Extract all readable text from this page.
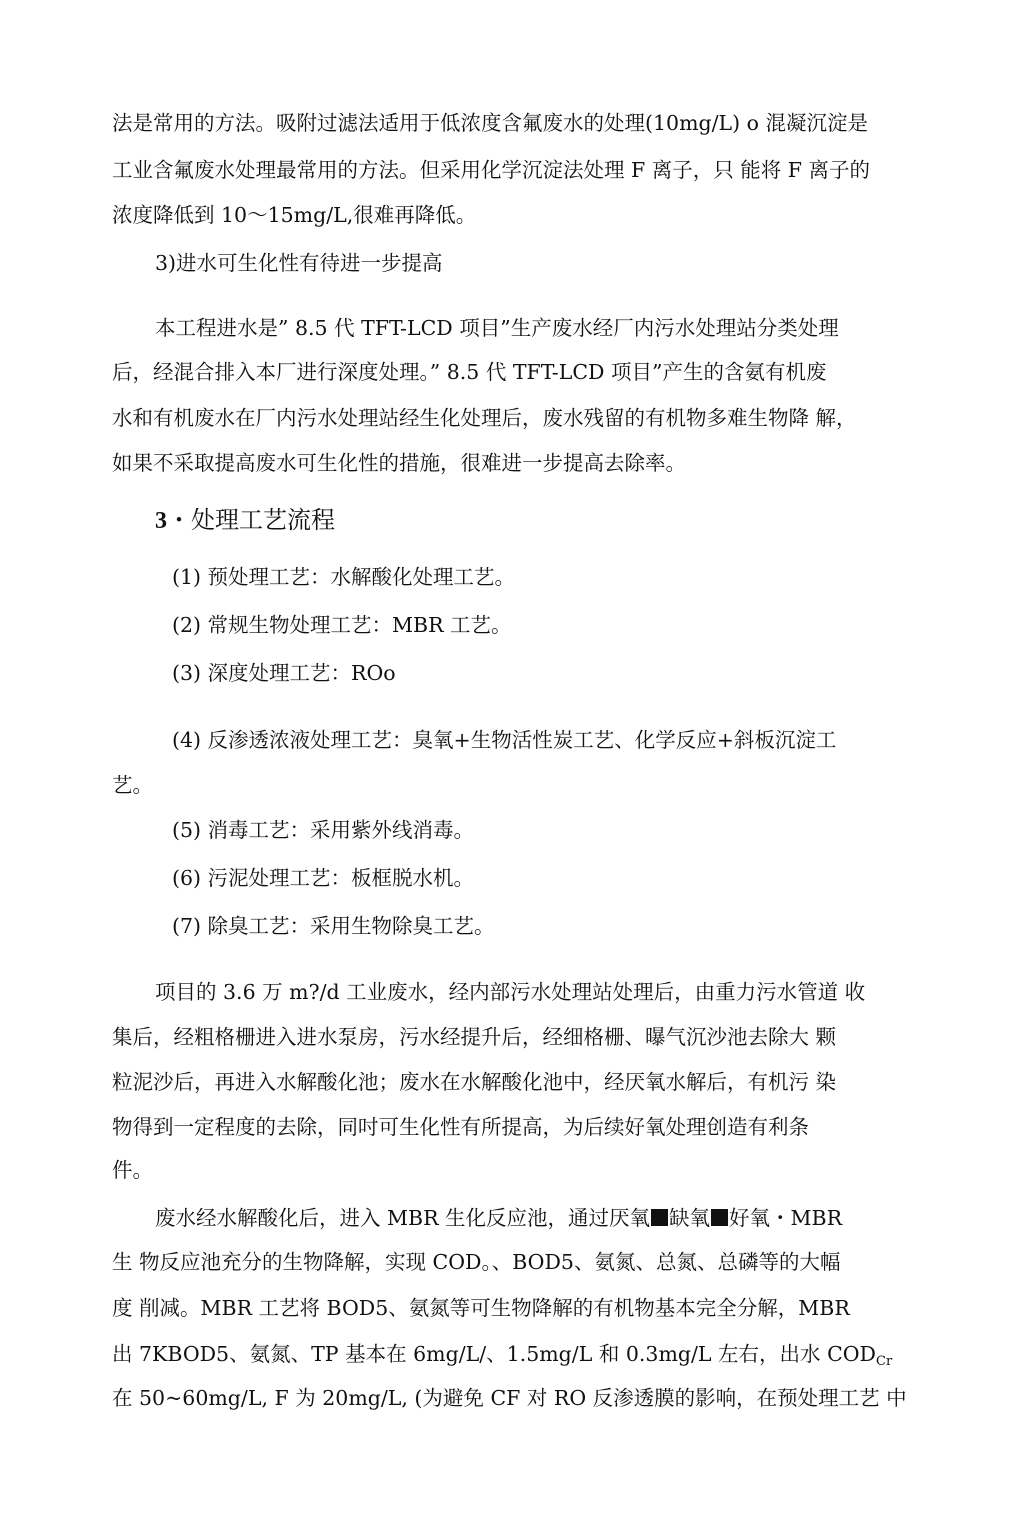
法是常用的方法。吸附过滤法适用于低浓度含氟废水的处理(10mg/L) o 混凝沉淀是

工业含氟废水处理最常用的方法。但采用化学沉淀法处理 F 离子，只 能将 F 离子的

浓度降低到 10～15mg/L,很难再降低。

3)进水可生化性有待进一步提高

本工程进水是” 8.5 代 TFT-LCD 项目”生产废水经厂内污水处理站分类处理

后，经混合排入本厂进行深度处理。” 8.5 代 TFT-LCD 项目”产生的含氨有机废

水和有机废水在厂内污水处理站经生化处理后，废水残留的有机物多难生物降 解，

如果不采取提高废水可生化性的措施，很难进一步提高去除率。

3・处理工艺流程

(1) 预处理工艺：水解酸化处理工艺。

(2) 常规生物处理工艺：MBR 工艺。

(3) 深度处理工艺：ROo

(4) 反渗透浓液处理工艺：臭氧+生物活性炭工艺、化学反应+斜板沉淀工

艺。

(5) 消毒工艺：采用紫外线消毒。

(6) 污泥处理工艺：板框脱水机。

(7) 除臭工艺：采用生物除臭工艺。

项目的 3.6 万 m?/d 工业废水，经内部污水处理站处理后，由重力污水管道 收

集后，经粗格栅进入进水泵房，污水经提升后，经细格栅、曝气沉沙池去除大 颗

粒泥沙后，再进入水解酸化池；废水在水解酸化池中，经厌氧水解后，有机污 染

物得到一定程度的去除，同吋可生化性有所提高，为后续好氧处理创造有利条

件。

废水经水解酸化后，进入 MBR 生化反应池，通过厌氧 缺氧 好氧・MBR

生 物反应池充分的生物降解，实现 COD。、BOD5、氨氮、总氮、总磷等的大幅

度 削减。MBR 工艺将 BOD5、氨氮等可生物降解的有机物基本完全分解，MBR

出 7KBOD5、氨氮、TP 基本在 6mg/L/、1.5mg/L 和 0.3mg/L 左右，出水 $COD_{Cr}$

在 50~60mg/L, F 为 20mg/L, (为避免 CF 对 RO 反渗透膜的影响，在预处理工艺 中
